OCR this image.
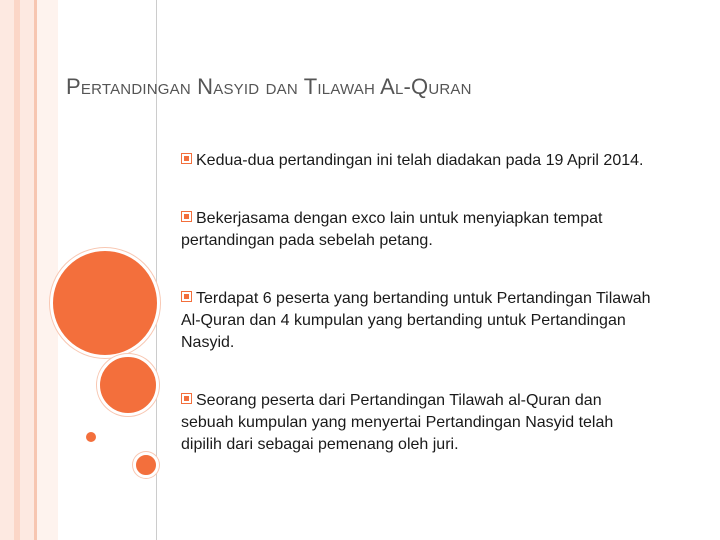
Pertandingan Nasyid dan Tilawah Al-Quran

Kedua-dua pertandingan ini telah diadakan pada 19 April 2014.

Bekerjasama dengan exco lain untuk menyiapkan tempat pertandingan pada sebelah petang.

Terdapat 6 peserta yang bertanding untuk Pertandingan Tilawah Al-Quran dan 4 kumpulan yang bertanding untuk Pertandingan Nasyid.

Seorang peserta dari Pertandingan Tilawah al-Quran dan sebuah kumpulan yang menyertai Pertandingan Nasyid telah dipilih dari sebagai pemenang oleh juri.
